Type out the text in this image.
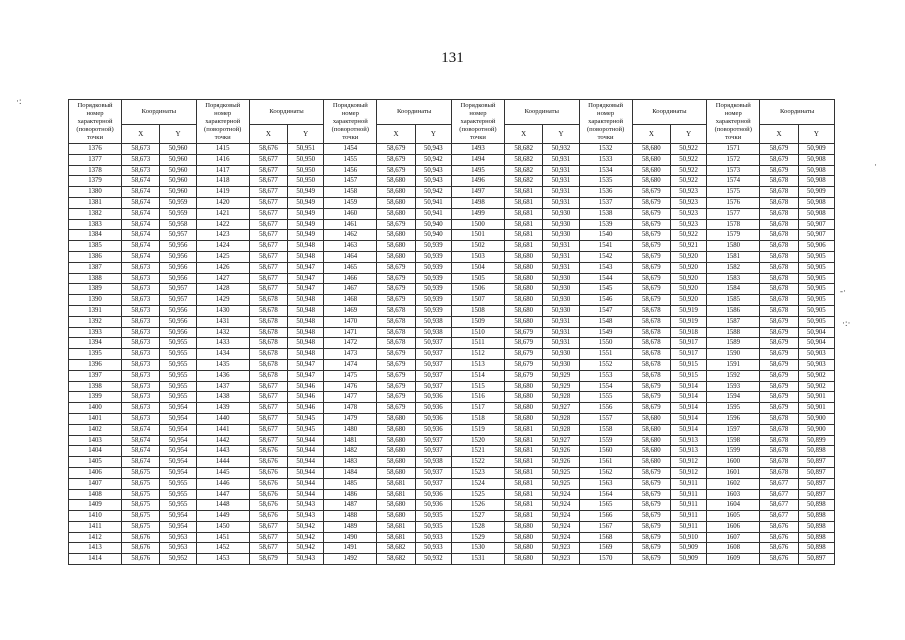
131
·:
·
-·
·:·
Порядковый номер характерной (поворотной) точки	Координаты		Порядковый номер характерной (поворотной) точки	Координаты		Порядковый номер характерной (поворотной) точки	Координаты		Порядковый номер характерной (поворотной) точки	Координаты		Порядковый номер характерной (поворотной) точки	Координаты		Порядковый номер характерной (поворотной) точки	Координаты	
	X	Y		X	Y		X	Y		X	Y		X	Y		X	Y
1376	58,673	50,960	1415	58,676	50,951	1454	58,679	50,943	1493	58,682	50,932	1532	58,680	50,922	1571	58,679	50,909
1377	58,673	50,960	1416	58,677	50,950	1455	58,679	50,942	1494	58,682	50,931	1533	58,680	50,922	1572	58,679	50,908
1378	58,673	50,960	1417	58,677	50,950	1456	58,679	50,943	1495	58,682	50,931	1534	58,680	50,922	1573	58,679	50,908
1379	58,674	50,960	1418	58,677	50,950	1457	58,680	50,943	1496	58,682	50,931	1535	58,680	50,922	1574	58,678	50,908
1380	58,674	50,960	1419	58,677	50,949	1458	58,680	50,942	1497	58,681	50,931	1536	58,679	50,923	1575	58,678	50,909
1381	58,674	50,959	1420	58,677	50,949	1459	58,680	50,941	1498	58,681	50,931	1537	58,679	50,923	1576	58,678	50,908
1382	58,674	50,959	1421	58,677	50,949	1460	58,680	50,941	1499	58,681	50,930	1538	58,679	50,923	1577	58,678	50,908
1383	58,674	50,958	1422	58,677	50,949	1461	58,679	50,940	1500	58,681	50,930	1539	58,679	50,923	1578	58,678	50,907
1384	58,674	50,957	1423	58,677	50,949	1462	58,680	50,940	1501	58,681	50,930	1540	58,679	50,922	1579	58,678	50,907
1385	58,674	50,956	1424	58,677	50,948	1463	58,680	50,939	1502	58,681	50,931	1541	58,679	50,921	1580	58,678	50,906
1386	58,674	50,956	1425	58,677	50,948	1464	58,680	50,939	1503	58,680	50,931	1542	58,679	50,920	1581	58,678	50,905
1387	58,673	50,956	1426	58,677	50,947	1465	58,679	50,939	1504	58,680	50,931	1543	58,679	50,920	1582	58,678	50,905
1388	58,673	50,956	1427	58,677	50,947	1466	58,679	50,939	1505	58,680	50,930	1544	58,679	50,920	1583	58,678	50,905
1389	58,673	50,957	1428	58,677	50,947	1467	58,679	50,939	1506	58,680	50,930	1545	58,679	50,920	1584	58,678	50,905
1390	58,673	50,957	1429	58,678	50,948	1468	58,679	50,939	1507	58,680	50,930	1546	58,679	50,920	1585	58,678	50,905
1391	58,673	50,956	1430	58,678	50,948	1469	58,678	50,939	1508	58,680	50,930	1547	58,678	50,919	1586	58,678	50,905
1392	58,673	50,956	1431	58,678	50,948	1470	58,678	50,938	1509	58,680	50,931	1548	58,678	50,919	1587	58,679	50,905
1393	58,673	50,956	1432	58,678	50,948	1471	58,678	50,938	1510	58,679	50,931	1549	58,678	50,918	1588	58,679	50,904
1394	58,673	50,955	1433	58,678	50,948	1472	58,678	50,937	1511	58,679	50,931	1550	58,678	50,917	1589	58,679	50,904
1395	58,673	50,955	1434	58,678	50,948	1473	58,679	50,937	1512	58,679	50,930	1551	58,678	50,917	1590	58,679	50,903
1396	58,673	50,955	1435	58,678	50,947	1474	58,679	50,937	1513	58,679	50,930	1552	58,678	50,915	1591	58,679	50,903
1397	58,673	50,955	1436	58,678	50,947	1475	58,679	50,937	1514	58,679	50,929	1553	58,678	50,915	1592	58,679	50,902
1398	58,673	50,955	1437	58,677	50,946	1476	58,679	50,937	1515	58,680	50,929	1554	58,679	50,914	1593	58,679	50,902
1399	58,673	50,955	1438	58,677	50,946	1477	58,679	50,936	1516	58,680	50,928	1555	58,679	50,914	1594	58,679	50,901
1400	58,673	50,954	1439	58,677	50,946	1478	58,679	50,936	1517	58,680	50,927	1556	58,679	50,914	1595	58,679	50,901
1401	58,673	50,954	1440	58,677	50,945	1479	58,680	50,936	1518	58,680	50,928	1557	58,680	50,914	1596	58,678	50,900
1402	58,674	50,954	1441	58,677	50,945	1480	58,680	50,936	1519	58,681	50,928	1558	58,680	50,914	1597	58,678	50,900
1403	58,674	50,954	1442	58,677	50,944	1481	58,680	50,937	1520	58,681	50,927	1559	58,680	50,913	1598	58,678	50,899
1404	58,674	50,954	1443	58,676	50,944	1482	58,680	50,937	1521	58,681	50,926	1560	58,680	50,913	1599	58,678	50,898
1405	58,674	50,954	1444	58,676	50,944	1483	58,680	50,938	1522	58,681	50,926	1561	58,680	50,912	1600	58,678	50,897
1406	58,675	50,954	1445	58,676	50,944	1484	58,680	50,937	1523	58,681	50,925	1562	58,679	50,912	1601	58,678	50,897
1407	58,675	50,955	1446	58,676	50,944	1485	58,681	50,937	1524	58,681	50,925	1563	58,679	50,911	1602	58,677	50,897
1408	58,675	50,955	1447	58,676	50,944	1486	58,681	50,936	1525	58,681	50,924	1564	58,679	50,911	1603	58,677	50,897
1409	58,675	50,955	1448	58,676	50,943	1487	58,680	50,936	1526	58,681	50,924	1565	58,679	50,911	1604	58,677	50,898
1410	58,675	50,954	1449	58,676	50,943	1488	58,680	50,935	1527	58,681	50,924	1566	58,679	50,911	1605	58,677	50,898
1411	58,675	50,954	1450	58,677	50,942	1489	58,681	50,935	1528	58,680	50,924	1567	58,679	50,911	1606	58,676	50,898
1412	58,676	50,953	1451	58,677	50,942	1490	58,681	50,933	1529	58,680	50,924	1568	58,679	50,910	1607	58,676	50,898
1413	58,676	50,953	1452	58,677	50,942	1491	58,682	50,933	1530	58,680	50,923	1569	58,679	50,909	1608	58,676	50,898
1414	58,676	50,952	1453	58,679	50,943	1492	58,682	50,932	1531	58,680	50,923	1570	58,679	50,909	1609	58,676	50,897
